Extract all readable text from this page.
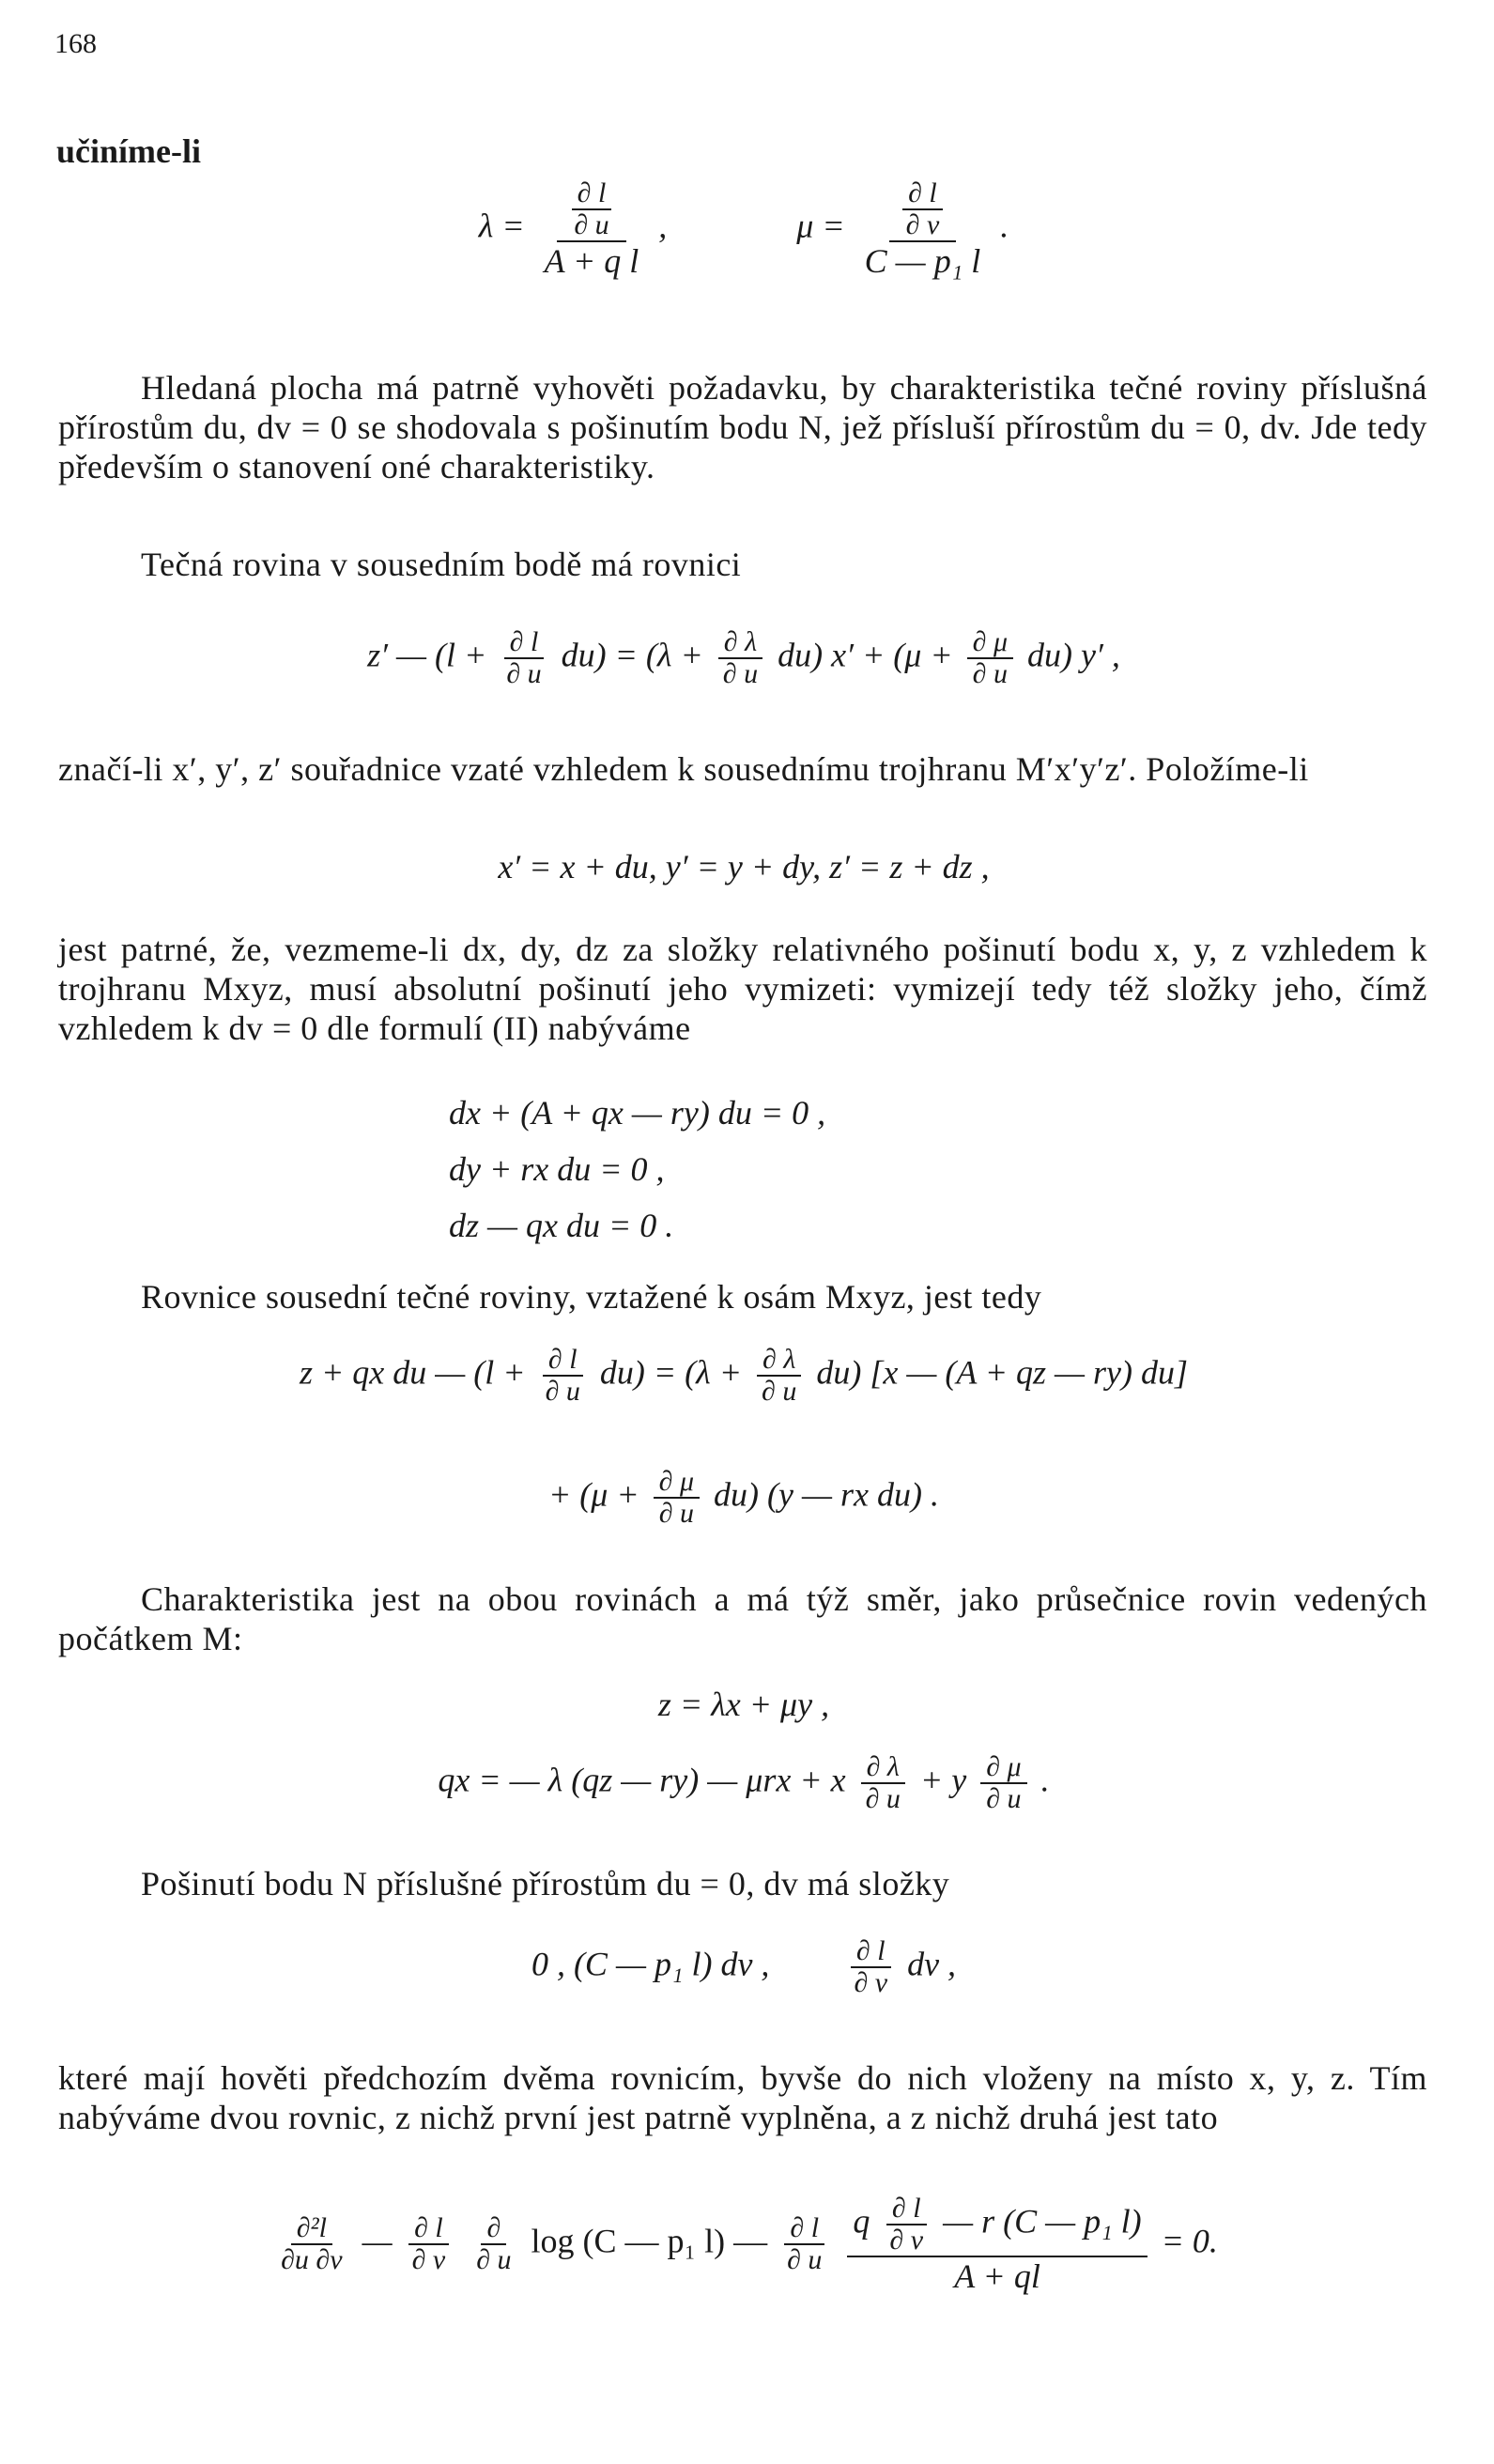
168
učiníme-li
$\lambda = \frac{\frac{\partial l}{\partial u}}{\text{A + q l}}$ ,	$\mu = \frac{\frac{\partial l}{\partial v}}{\text{C — p₁ l}}$ .
Hledaná plocha má patrně vyhověti požadavku, by charakteristika tečné roviny příslušná přírostům du, dv = 0 se shodovala s pošinutím bodu N, jež přísluší přírostům du = 0, dv. Jde tedy především o stanovení oné charakteristiky.
Tečná rovina v sousedním bodě má rovnici
z′ — $(l + \frac{\partial l}{\partial u} du) = (\lambda + \frac{\partial \lambda}{\partial u} du)$ $x' + (\mu + \frac{\partial \mu}{\partial u} du)$ y′ ,
značí-li x′, y′, z′ souřadnice vzaté vzhledem k sousednímu trojhranu M′x′y′z′. Položíme-li
x′ = x + du, y′ = y + dy, z′ = z + dz ,
jest patrné, že, vezmeme-li dx, dy, dz za složky relativného pošinutí bodu x, y, z vzhledem k trojhranu Mxyz, musí absolutní pošinutí jeho vymizeti: vymizejí tedy též složky jeho, čímž vzhledem k dv = 0 dle formulí (II) nabýváme
dx + (A + qx — ry) du = 0 ,
dy + rx du = 0 ,
dz — qx du = 0 .
Rovnice sousední tečné roviny, vztažené k osám Mxyz, jest tedy
z + qx du — $(l + \frac{\partial l}{\partial u} du) = (\lambda + \frac{\partial \lambda}{\partial u} du)$ [x — (A + qz — ry) du]
+ $(\mu + \frac{\partial \mu}{\partial u} du)$ (y — rx du) .
Charakteristika jest na obou rovinách a má týž směr, jako průsečnice rovin vedených počátkem M:
z = λx + μy ,
qx = — λ (qz — ry) — μrx + x $\frac{\partial \lambda}{\partial u} + y \frac{\partial \mu}{\partial u}$ .
Pošinutí bodu N příslušné přírostům du = 0, dv má složky
0 , (C — p₁ l) dv ,	$\frac{\partial l}{\partial v}$ dv ,
které mají hověti předchozím dvěma rovnicím, byvše do nich vloženy na místo x, y, z. Tím nabýváme dvou rovnic, z nichž první jest patrně vyplněna, a z nichž druhá jest tato
$\frac{\text{∂²l}}{\partial u \partial v}$ — $\frac{\partial l}{\partial v}$
$\frac{\partial}{\partial u}$ log (C — p₁ l) — $\frac{\partial l}{\partial u}$
q $\frac{\partial l}{\partial v}$ — r (C — p₁ l)
A + ql
= 0.
